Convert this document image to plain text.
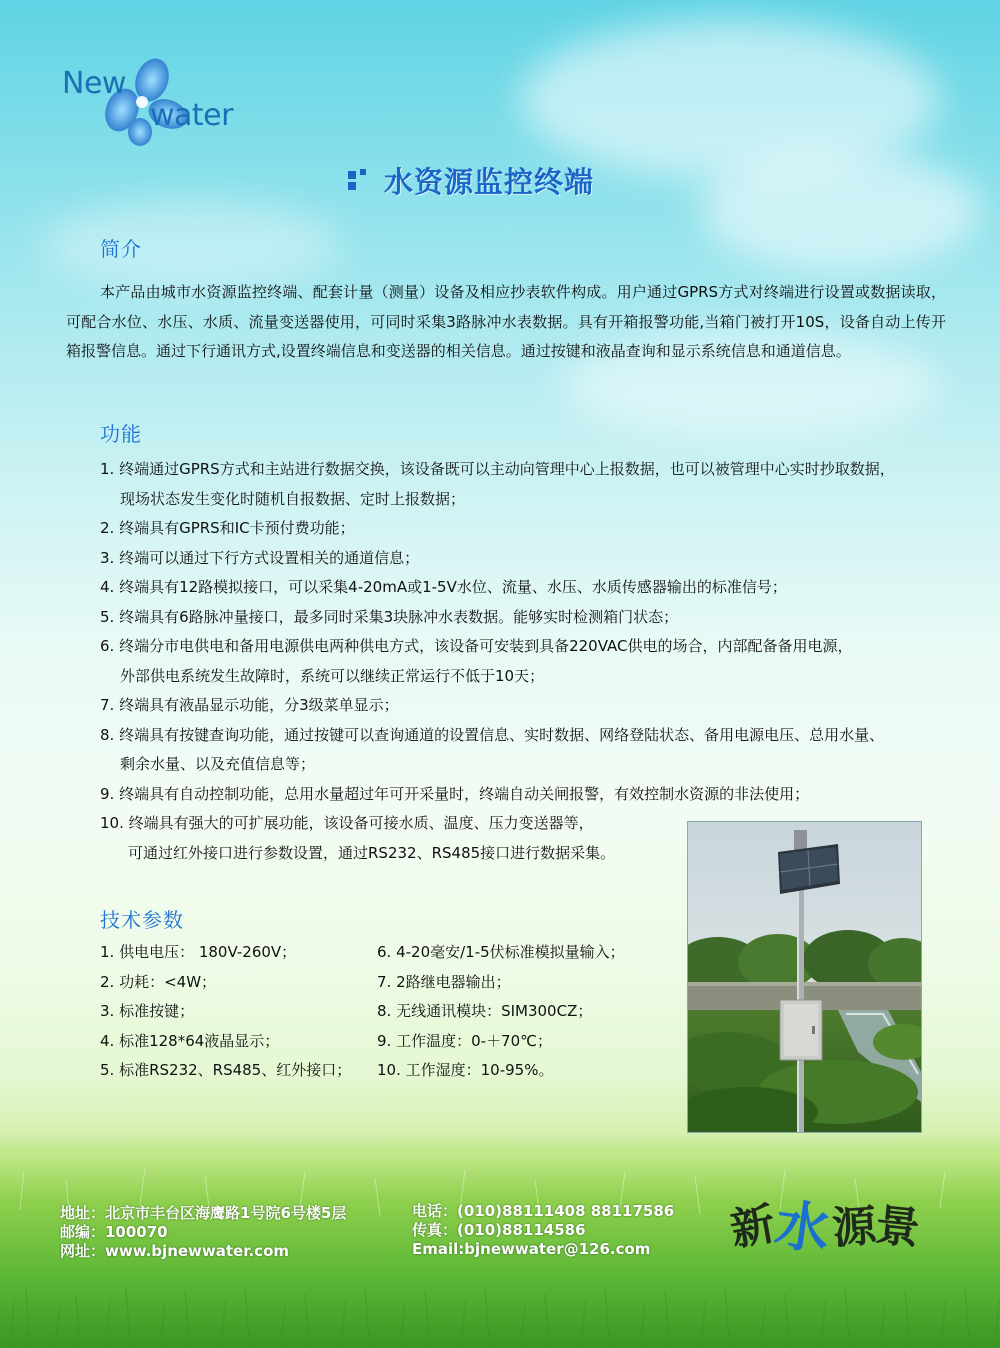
New
water
水资源监控终端
简介

本产品由城市水资源监控终端、配套计量（测量）设备及相应抄表软件构成。用户通过GPRS方式对终端进行设置或数据读取，可配合水位、水压、水质、流量变送器使用，可同时采集3路脉冲水表数据。具有开箱报警功能,当箱门被打开10S，设备自动上传开箱报警信息。通过下行通讯方式,设置终端信息和变送器的相关信息。通过按键和液晶查询和显示系统信息和通道信息。

功能
1. 终端通过GPRS方式和主站进行数据交换，该设备既可以主动向管理中心上报数据，也可以被管理中心实时抄取数据，
现场状态发生变化时随机自报数据、定时上报数据；
2. 终端具有GPRS和IC卡预付费功能；
3. 终端可以通过下行方式设置相关的通道信息；
4. 终端具有12路模拟接口，可以采集4-20mA或1-5V水位、流量、水压、水质传感器输出的标准信号；
5. 终端具有6路脉冲量接口，最多同时采集3块脉冲水表数据。能够实时检测箱门状态；
6. 终端分市电供电和备用电源供电两种供电方式，该设备可安装到具备220VAC供电的场合，内部配备备用电源，
外部供电系统发生故障时，系统可以继续正常运行不低于10天；
7. 终端具有液晶显示功能，分3级菜单显示；
8. 终端具有按键查询功能，通过按键可以查询通道的设置信息、实时数据、网络登陆状态、备用电源电压、总用水量、
剩余水量、以及充值信息等；
9. 终端具有自动控制功能，总用水量超过年可开采量时，终端自动关闸报警，有效控制水资源的非法使用；
10. 终端具有强大的可扩展功能，该设备可接水质、温度、压力变送器等，
可通过红外接口进行参数设置，通过RS232、RS485接口进行数据采集。
技术参数
1. 供电电压： 180V-260V；
2. 功耗：<4W；
3. 标准按键；
4. 标准128*64液晶显示；
5. 标准RS232、RS485、红外接口；
6. 4-20毫安/1-5伏标准模拟量输入；
7. 2路继电器输出；
8. 无线通讯模块：SIM300CZ；
9. 工作温度：0-＋70℃；
10. 工作湿度：10-95%。
地址：北京市丰台区海鹰路1号院6号楼5层
邮编：100070
网址：www.bjnewwater.com
电话：(010)88111408 88117586
传真：(010)88114586
Email:bjnewwater@126.com	新
水
源
景
